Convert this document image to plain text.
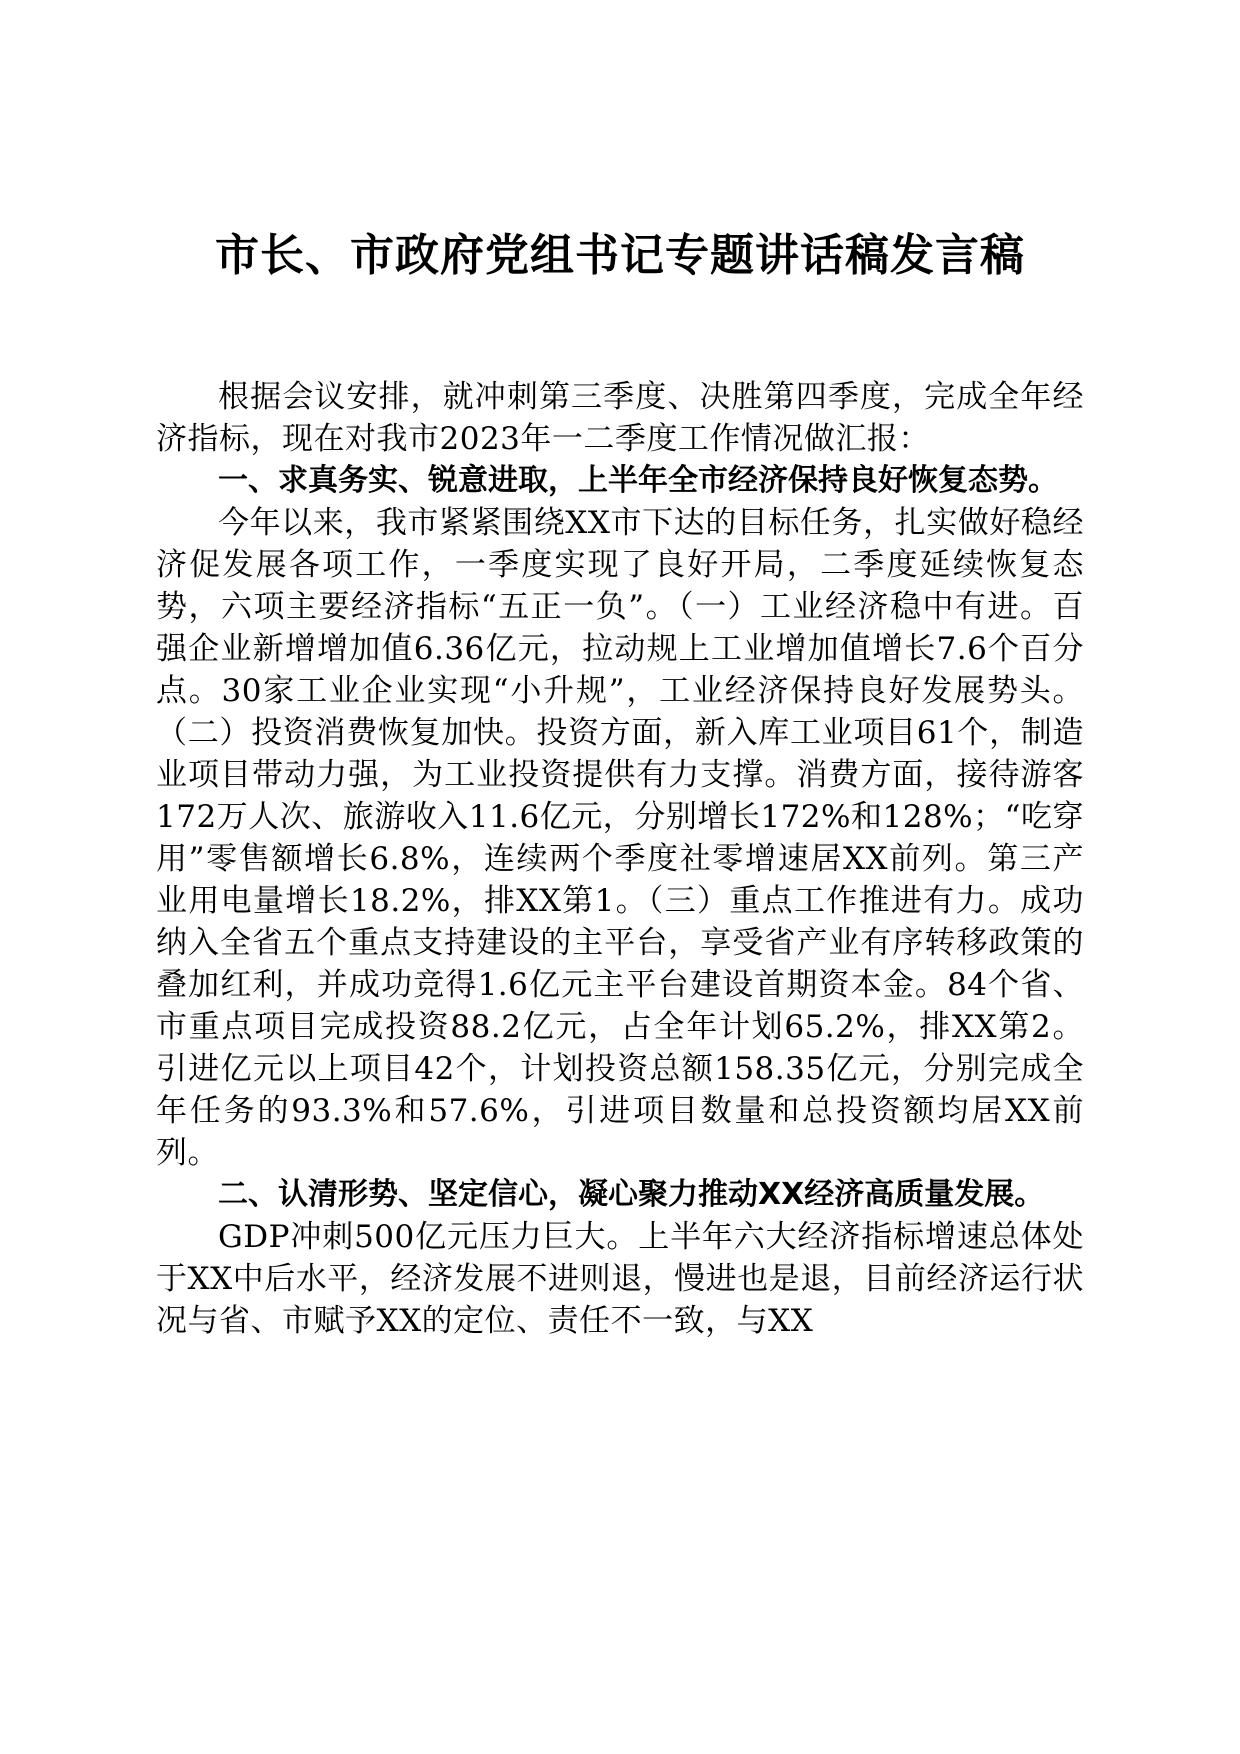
市长、市政府党组书记专题讲话稿发言稿

根据会议安排，就冲刺第三季度、决胜第四季度，完成全年经济指标，现在对我市2023年一二季度工作情况做汇报：

一、求真务实、锐意进取，上半年全市经济保持良好恢复态势。

今年以来，我市紧紧围绕XX市下达的目标任务，扎实做好稳经济促发展各项工作，一季度实现了良好开局，二季度延续恢复态势，六项主要经济指标“五正一负”。（一）工业经济稳中有进。百强企业新增增加值6.36亿元，拉动规上工业增加值增长7.6个百分点。30家工业企业实现“小升规”，工业经济保持良好发展势头。（二）投资消费恢复加快。投资方面，新入库工业项目61个，制造业项目带动力强，为工业投资提供有力支撑。消费方面，接待游客172万人次、旅游收入11.6亿元，分别增长172%和128%；“吃穿用”零售额增长6.8%，连续两个季度社零增速居XX前列。第三产业用电量增长18.2%，排XX第1。（三）重点工作推进有力。成功纳入全省五个重点支持建设的主平台，享受省产业有序转移政策的叠加红利，并成功竞得1.6亿元主平台建设首期资本金。84个省、市重点项目完成投资88.2亿元，占全年计划65.2%，排XX第2。引进亿元以上项目42个，计划投资总额158.35亿元，分别完成全年任务的93.3%和57.6%，引进项目数量和总投资额均居XX前列。

二、认清形势、坚定信心，凝心聚力推动XX经济高质量发展。

GDP冲刺500亿元压力巨大。上半年六大经济指标增速总体处于XX中后水平，经济发展不进则退，慢进也是退，目前经济运行状况与省、市赋予XX的定位、责任不一致，与XX
